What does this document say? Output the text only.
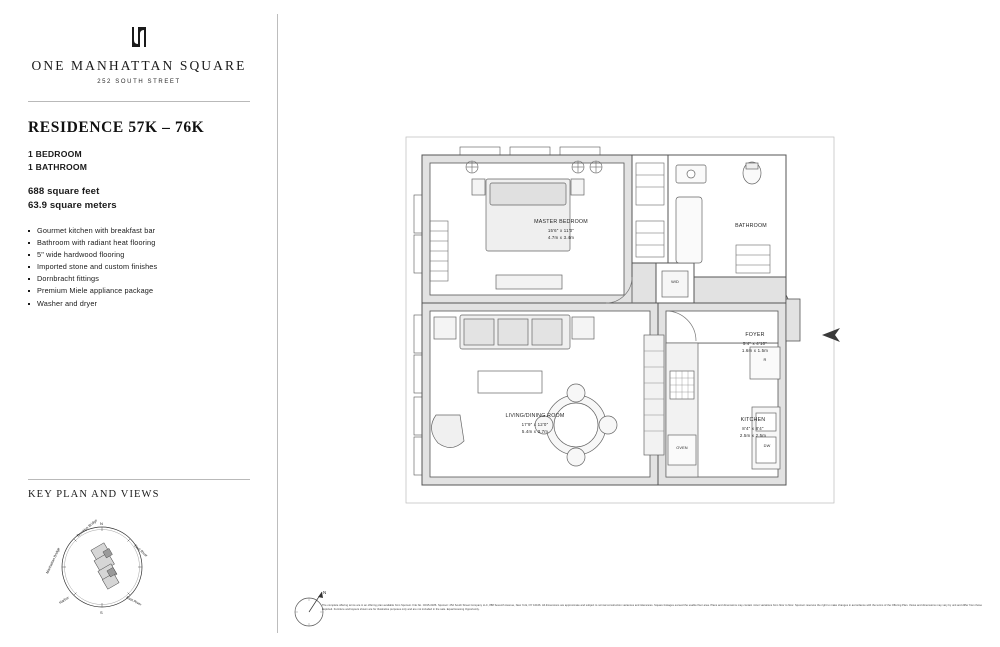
ONE MANHATTAN SQUARE
252 SOUTH STREET
RESIDENCE 57K – 76K
1 BEDROOM
1 BATHROOM
688 square feet
63.9 square meters
Gourmet kitchen with breakfast bar
Bathroom with radiant heat flooring
5" wide hardwood flooring
Imported stone and custom finishes
Dornbracht fittings
Premium Miele appliance package
Washer and dryer
KEY PLAN AND VIEWS
Brooklyn Bridge
Manhattan Bridge	East River
East River
Harbor
N
S
MASTER BEDROOM
15'6" x 11'0"
4.7m x 3.4m
BATHROOM
FOYER
5'4" x 4'10"
1.6m x 1.5m
LIVING/DINING ROOM
17'9" x 12'0"
5.4m x 3.7m
KITCHEN
8'4" x 8'4"
2.5m x 2.5m
W/D
R
OVEN	DW
N
The complete offering terms are in an offering plan available from Sponsor. File No. CD15-0186. Sponsor: 252 South Street Company LLC, 888 Seventh Avenue, New York, NY 10106. All dimensions are approximate and subject to normal construction variances and tolerances. Square footages exceed the usable floor area. Plans and dimensions may contain minor variations from floor to floor. Sponsor reserves the right to make changes in accordance with the terms of the Offering Plan. Views and dimensions may vary by unit and differ from those depicted. Furniture and layouts shown are for illustrative purposes only and are not included in the sale. Equal Housing Opportunity.
